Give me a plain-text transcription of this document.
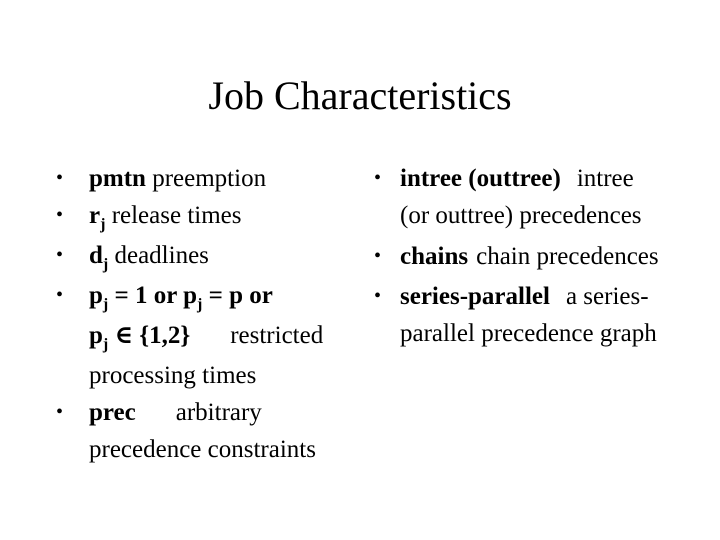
Job Characteristics
• pmtn preemption
• $r_j$ release times
• $d_j$ deadlines
• $p_j = 1$ or $p_j = p$ or
$p_j$ ∈ {1,2} restricted
processing times
• prec arbitrary
precedence constraints
• intree (outtree) intree
(or outtree) precedences
• chains chain precedences
• series-parallel a series-
parallel precedence graph
